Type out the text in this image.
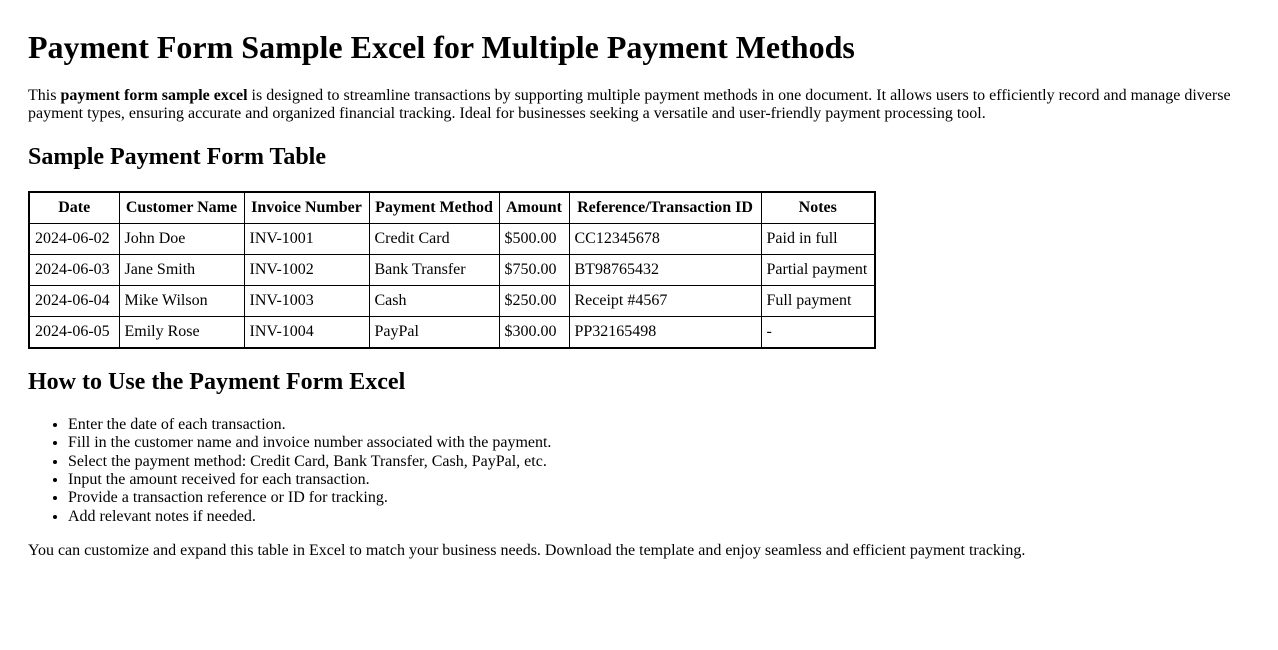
Payment Form Sample Excel for Multiple Payment Methods

This payment form sample excel is designed to streamline transactions by supporting multiple payment methods in one document. It allows users to efficiently record and manage diverse payment types, ensuring accurate and organized financial tracking. Ideal for businesses seeking a versatile and user-friendly payment processing tool.

Sample Payment Form Table
Date	Customer Name	Invoice Number	Payment Method	Amount	Reference/Transaction ID	Notes
2024-06-02	John Doe	INV-1001	Credit Card	$500.00	CC12345678	Paid in full
2024-06-03	Jane Smith	INV-1002	Bank Transfer	$750.00	BT98765432	Partial payment
2024-06-04	Mike Wilson	INV-1003	Cash	$250.00	Receipt #4567	Full payment
2024-06-05	Emily Rose	INV-1004	PayPal	$300.00	PP32165498	-
How to Use the Payment Form Excel
• Enter the date of each transaction.
• Fill in the customer name and invoice number associated with the payment.
• Select the payment method: Credit Card, Bank Transfer, Cash, PayPal, etc.
• Input the amount received for each transaction.
• Provide a transaction reference or ID for tracking.
• Add relevant notes if needed.

You can customize and expand this table in Excel to match your business needs. Download the template and enjoy seamless and efficient payment tracking.
